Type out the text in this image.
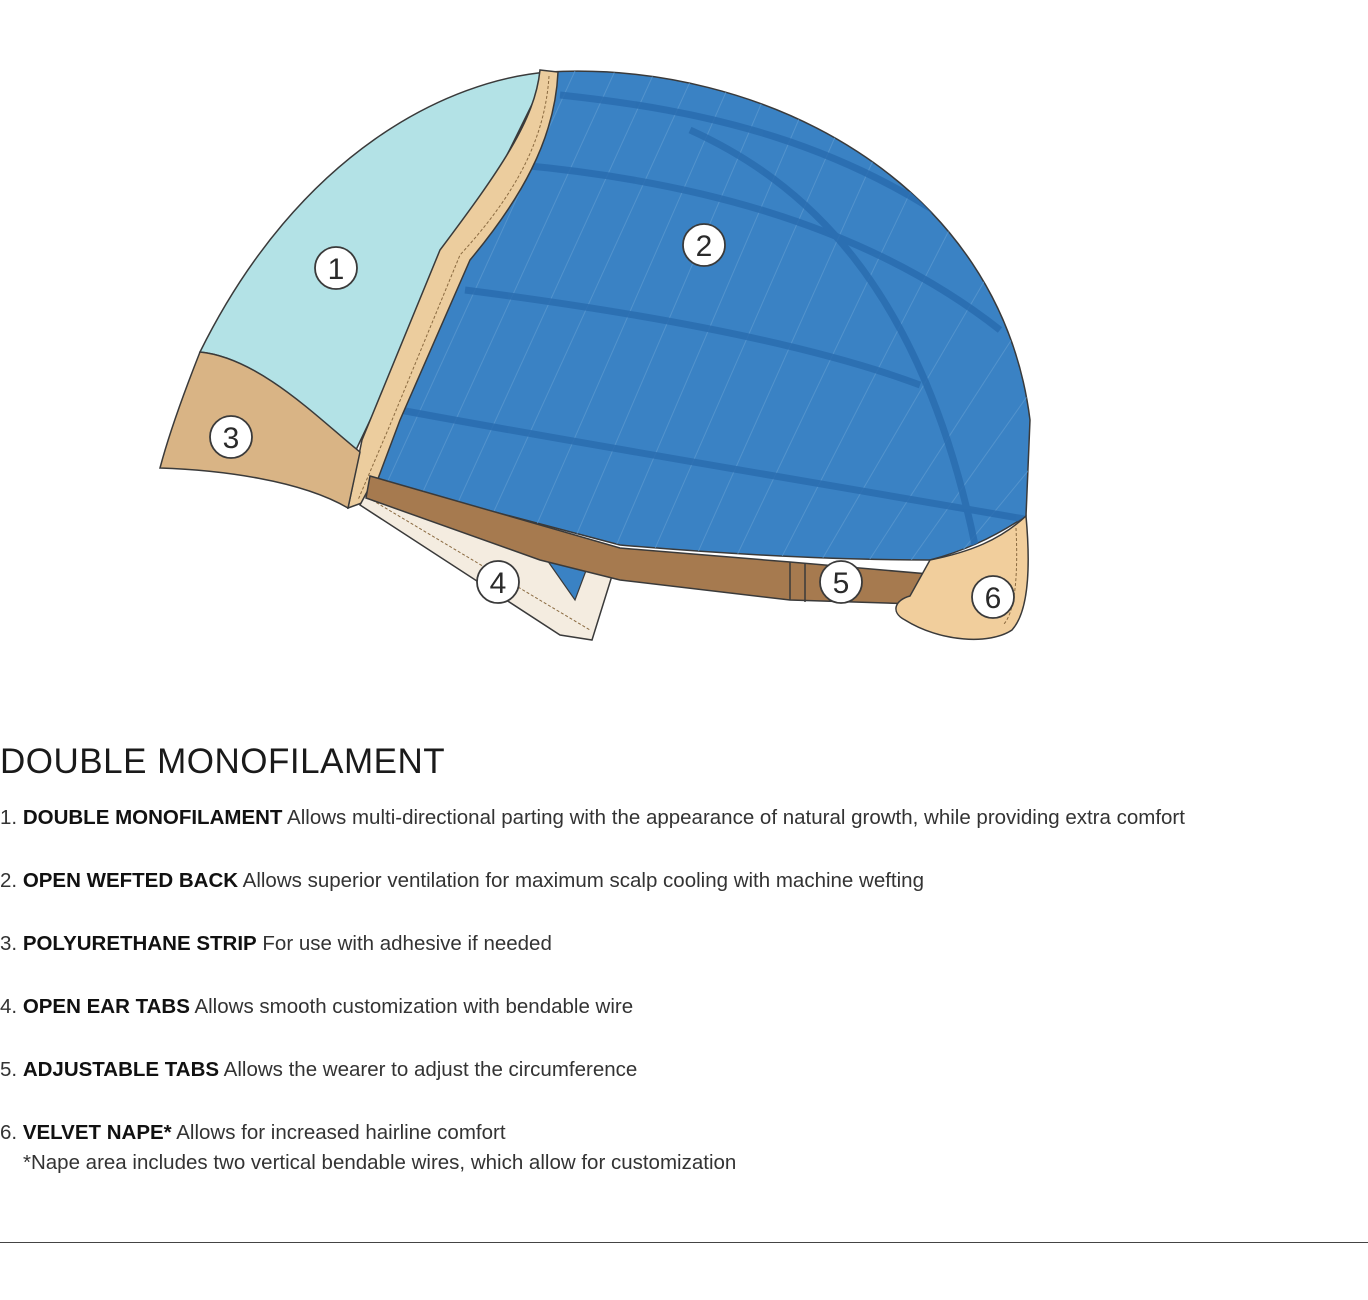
1
2
3
4	5	6
DOUBLE MONOFILAMENT
1. DOUBLE MONOFILAMENT Allows multi-directional parting with the appearance of natural growth, while providing extra comfort
2. OPEN WEFTED BACK Allows superior ventilation for maximum scalp cooling with machine wefting
3. POLYURETHANE STRIP For use with adhesive if needed
4. OPEN EAR TABS Allows smooth customization with bendable wire
5. ADJUSTABLE TABS Allows the wearer to adjust the circumference
6. VELVET NAPE* Allows for increased hairline comfort
*Nape area includes two vertical bendable wires, which allow for customization
